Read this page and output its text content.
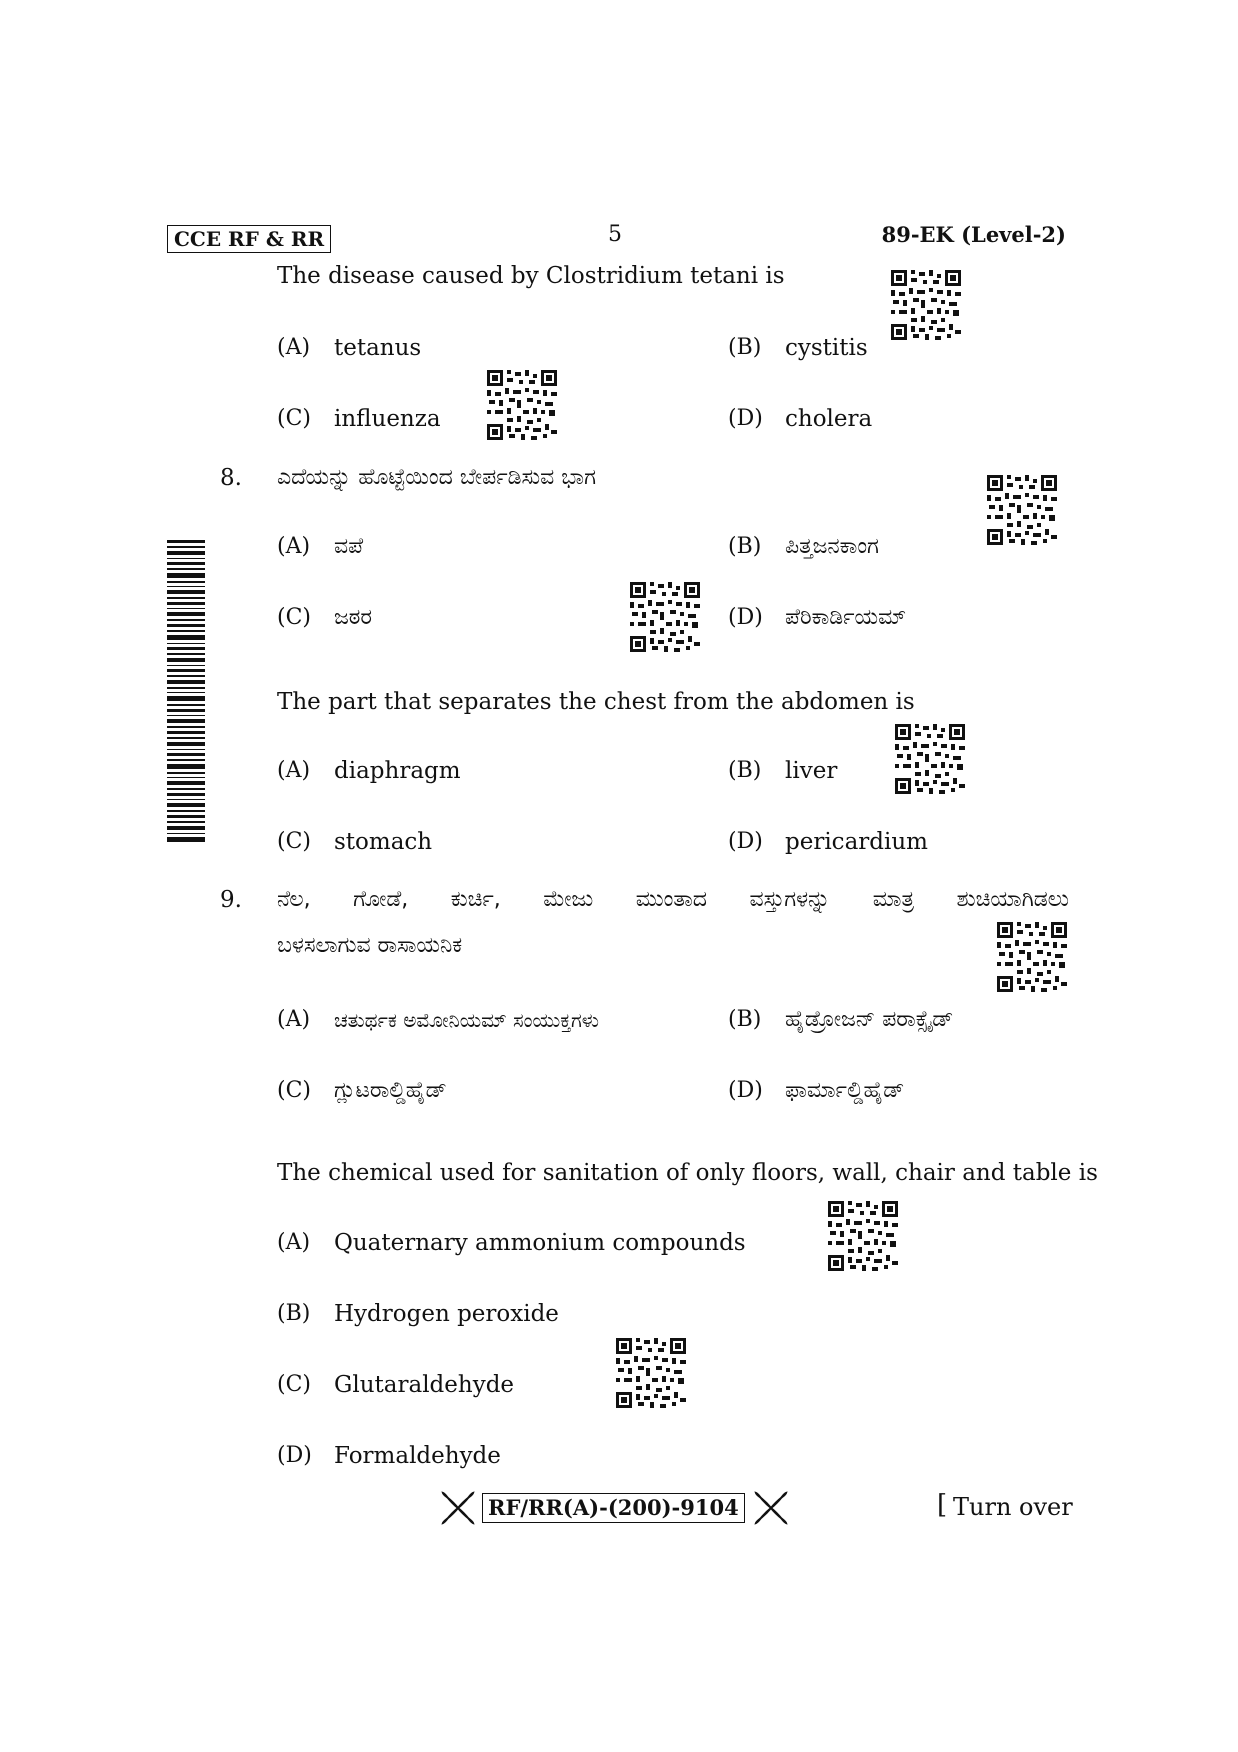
CCE RF & RR	5	89-EK (Level-2)
The disease caused by Clostridium tetani is
(A) tetanus	(B) cystitis
(C) influenza	(D) cholera
8. ಎದೆಯನ್ನು ಹೊಟ್ಟೆಯಿಂದ ಬೇರ್ಪಡಿಸುವ ಭಾಗ
(A) ವಪೆ	(B) ಪಿತ್ತಜನಕಾಂಗ
(C) ಜಠರ	(D) ಪೆರಿಕಾರ್ಡಿಯಮ್
The part that separates the chest from the abdomen is
(A) diaphragm	(B) liver
(C) stomach	(D) pericardium
9. ನೆಲ, ಗೋಡೆ, ಕುರ್ಚಿ, ಮೇಜು ಮುಂತಾದ ವಸ್ತುಗಳನ್ನು ಮಾತ್ರ ಶುಚಿಯಾಗಿಡಲು
ಬಳಸಲಾಗುವ ರಾಸಾಯನಿಕ
(A) ಚತುರ್ಥಕ ಅಮೋನಿಯಮ್ ಸಂಯುಕ್ತಗಳು	(B) ಹೈಡ್ರೋಜನ್ ಪರಾಕ್ಸೈಡ್
(C) ಗ್ಲುಟರಾಲ್ಡಿಹೈಡ್	(D) ಫಾರ್ಮಾಲ್ಡಿಹೈಡ್
The chemical used for sanitation of only floors, wall, chair and table is
(A) Quaternary ammonium compounds
(B) Hydrogen peroxide
(C) Glutaraldehyde
(D) Formaldehyde
RF/RR(A)-(200)-9104	[ Turn over
